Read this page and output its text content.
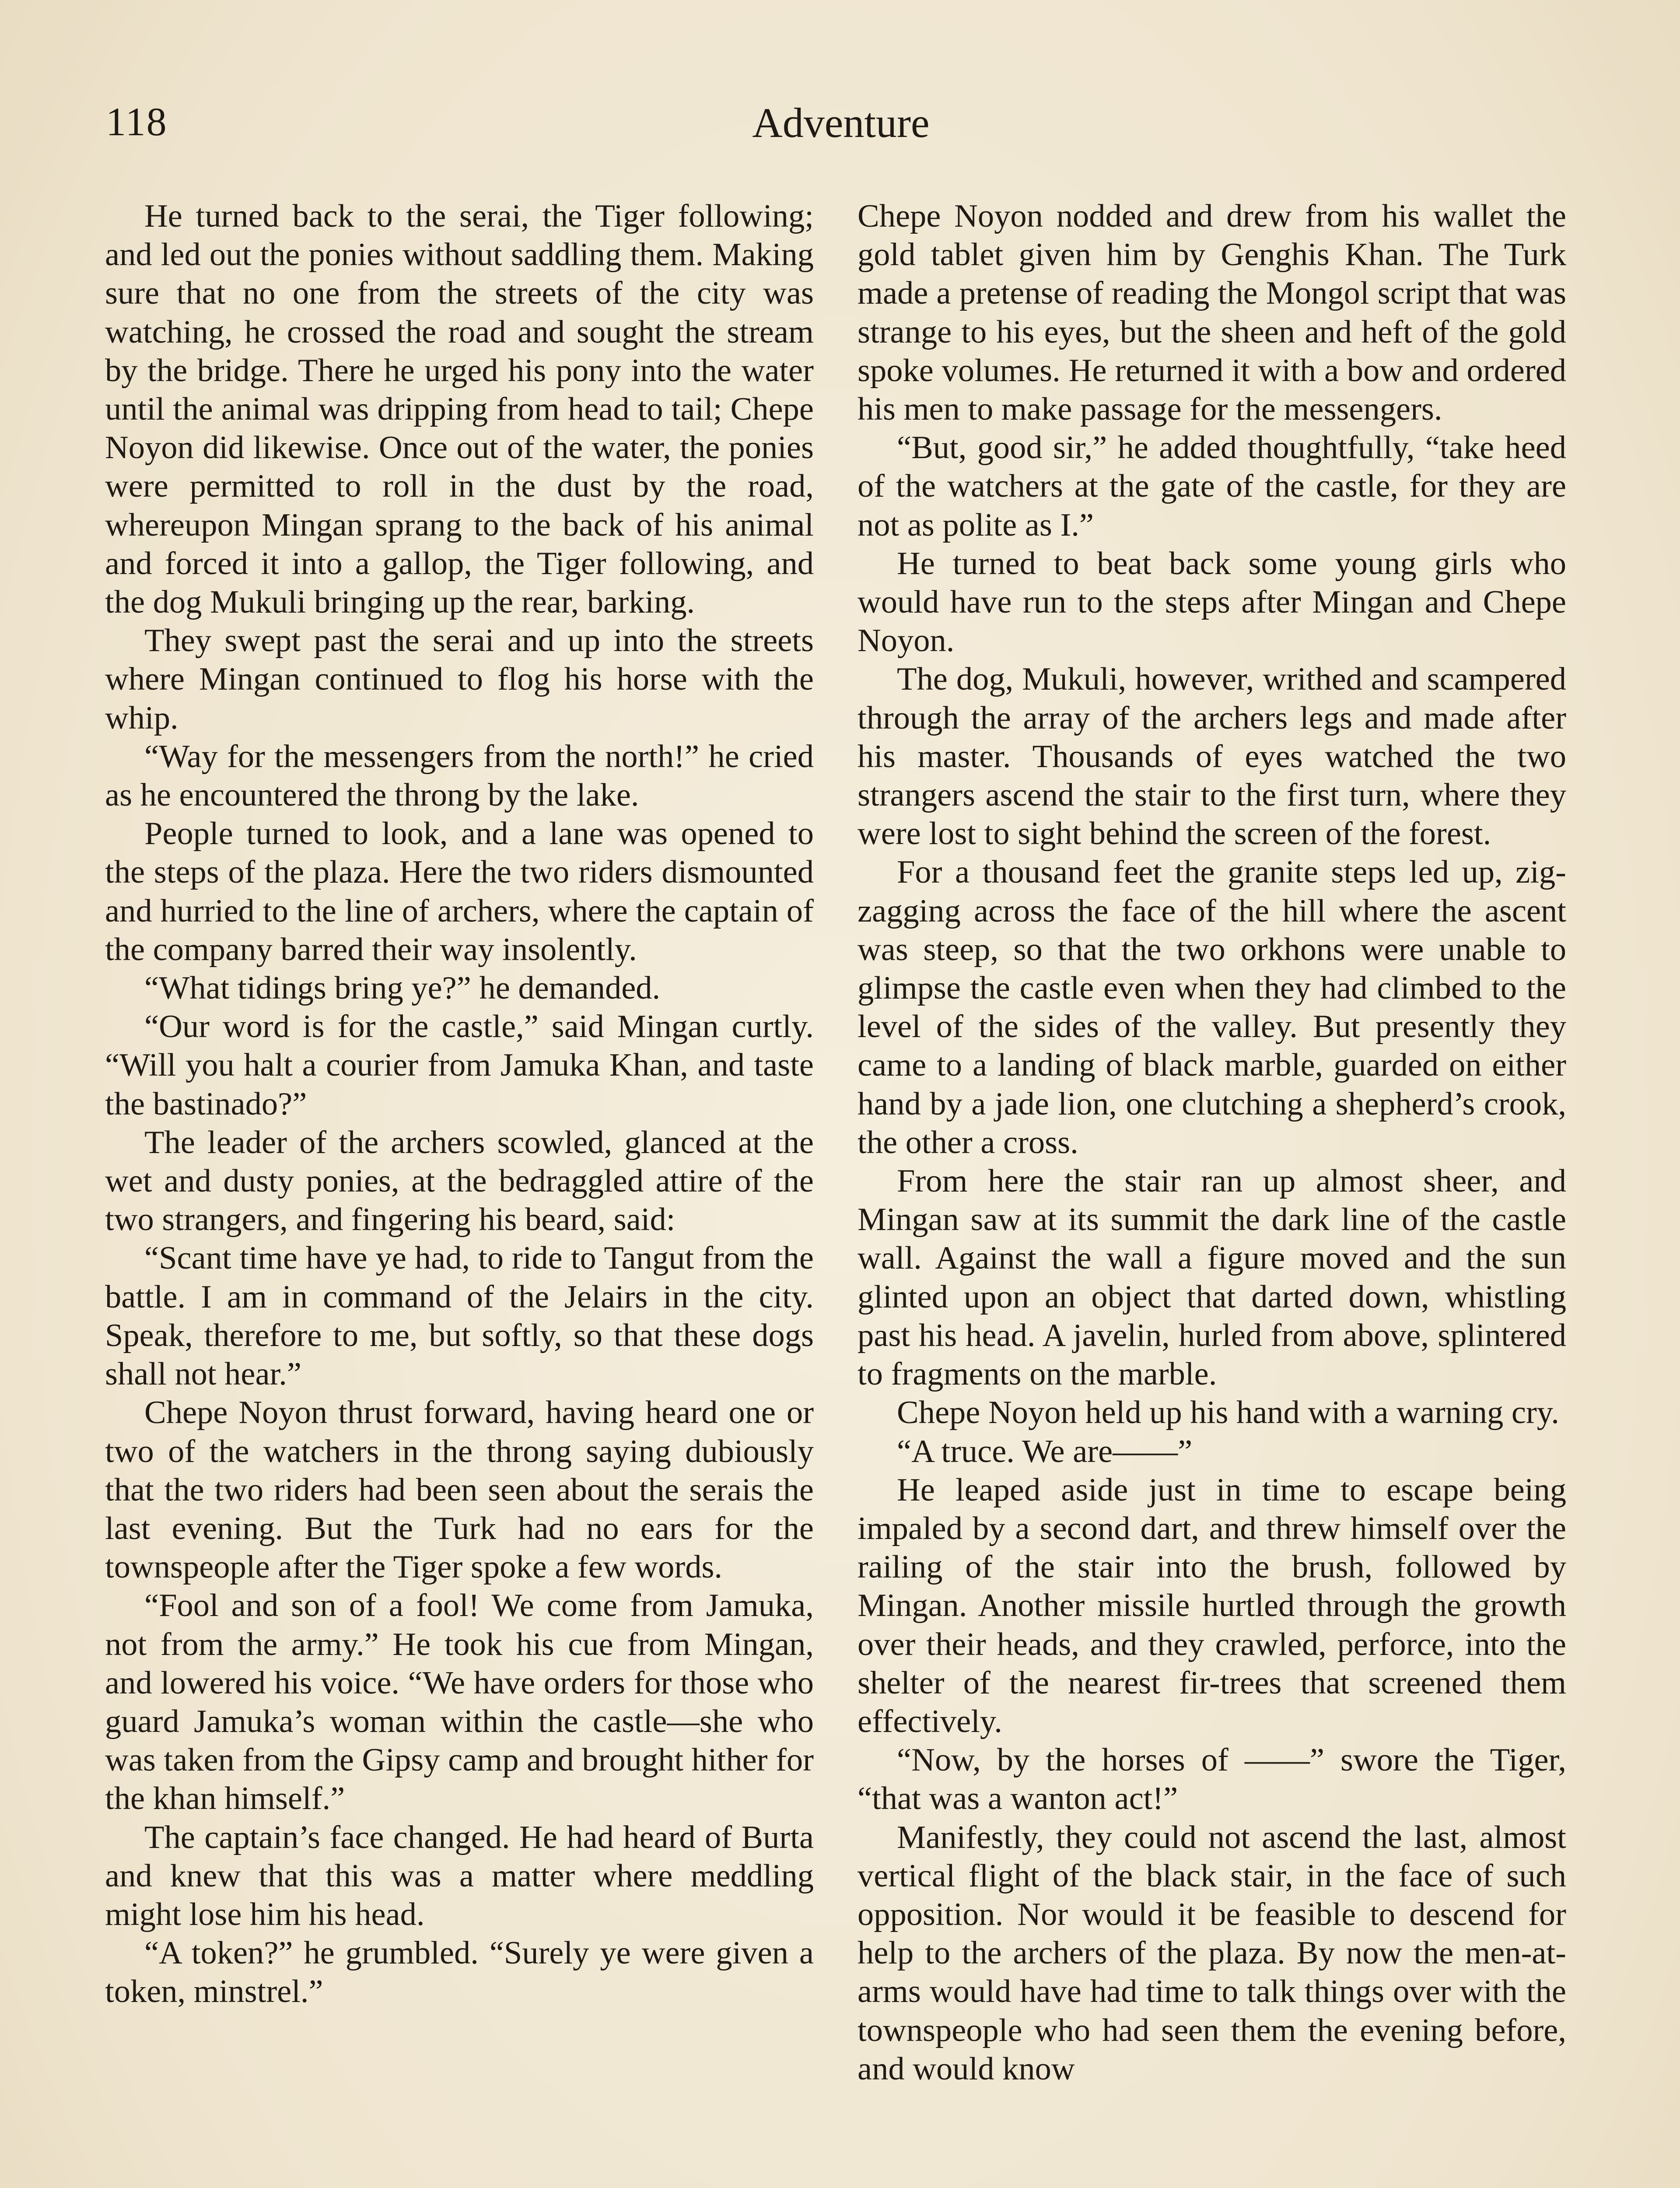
118	Adventure

He turned back to the serai, the Tiger following; and led out the ponies without saddling them. Making sure that no one from the streets of the city was watching, he crossed the road and sought the stream by the bridge. There he urged his pony into the water until the animal was dripping from head to tail; Chepe Noyon did likewise. Once out of the water, the ponies were permitted to roll in the dust by the road, whereupon Mingan sprang to the back of his animal and forced it into a gallop, the Tiger following, and the dog Mukuli bringing up the rear, barking.

They swept past the serai and up into the streets where Mingan continued to flog his horse with the whip.

“Way for the messengers from the north!” he cried as he encountered the throng by the lake.

People turned to look, and a lane was opened to the steps of the plaza. Here the two riders dismounted and hurried to the line of archers, where the captain of the company barred their way insolently.

“What tidings bring ye?” he demanded.

“Our word is for the castle,” said Mingan curtly. “Will you halt a courier from Jamuka Khan, and taste the bastinado?”

The leader of the archers scowled, glanced at the wet and dusty ponies, at the bedraggled attire of the two strangers, and fingering his beard, said:

“Scant time have ye had, to ride to Tangut from the battle. I am in command of the Jelairs in the city. Speak, therefore to me, but softly, so that these dogs shall not hear.”

Chepe Noyon thrust forward, having heard one or two of the watchers in the throng saying dubiously that the two riders had been seen about the serais the last evening. But the Turk had no ears for the townspeople after the Tiger spoke a few words.

“Fool and son of a fool! We come from Jamuka, not from the army.” He took his cue from Mingan, and lowered his voice. “We have orders for those who guard Jamuka’s woman within the castle—she who was taken from the Gipsy camp and brought hither for the khan himself.”

The captain’s face changed. He had heard of Burta and knew that this was a matter where meddling might lose him his head.

“A token?” he grumbled. “Surely ye were given a token, minstrel.”

Chepe Noyon nodded and drew from his wallet the gold tablet given him by Genghis Khan. The Turk made a pretense of reading the Mongol script that was strange to his eyes, but the sheen and heft of the gold spoke volumes. He returned it with a bow and ordered his men to make passage for the messengers.

“But, good sir,” he added thoughtfully, “take heed of the watchers at the gate of the castle, for they are not as polite as I.”

He turned to beat back some young girls who would have run to the steps after Mingan and Chepe Noyon.

The dog, Mukuli, however, writhed and scampered through the array of the archers legs and made after his master. Thousands of eyes watched the two strangers ascend the stair to the first turn, where they were lost to sight behind the screen of the forest.

For a thousand feet the granite steps led up, zig-zagging across the face of the hill where the ascent was steep, so that the two orkhons were unable to glimpse the castle even when they had climbed to the level of the sides of the valley. But presently they came to a landing of black marble, guarded on either hand by a jade lion, one clutching a shepherd’s crook, the other a cross.

From here the stair ran up almost sheer, and Mingan saw at its summit the dark line of the castle wall. Against the wall a figure moved and the sun glinted upon an object that darted down, whistling past his head. A javelin, hurled from above, splintered to fragments on the marble.

Chepe Noyon held up his hand with a warning cry.

“A truce. We are——”

He leaped aside just in time to escape being impaled by a second dart, and threw himself over the railing of the stair into the brush, followed by Mingan. Another missile hurtled through the growth over their heads, and they crawled, perforce, into the shelter of the nearest fir-trees that screened them effectively.

“Now, by the horses of ——” swore the Tiger, “that was a wanton act!”

Manifestly, they could not ascend the last, almost vertical flight of the black stair, in the face of such opposition. Nor would it be feasible to descend for help to the archers of the plaza. By now the men-at-arms would have had time to talk things over with the townspeople who had seen them the evening before, and would know
